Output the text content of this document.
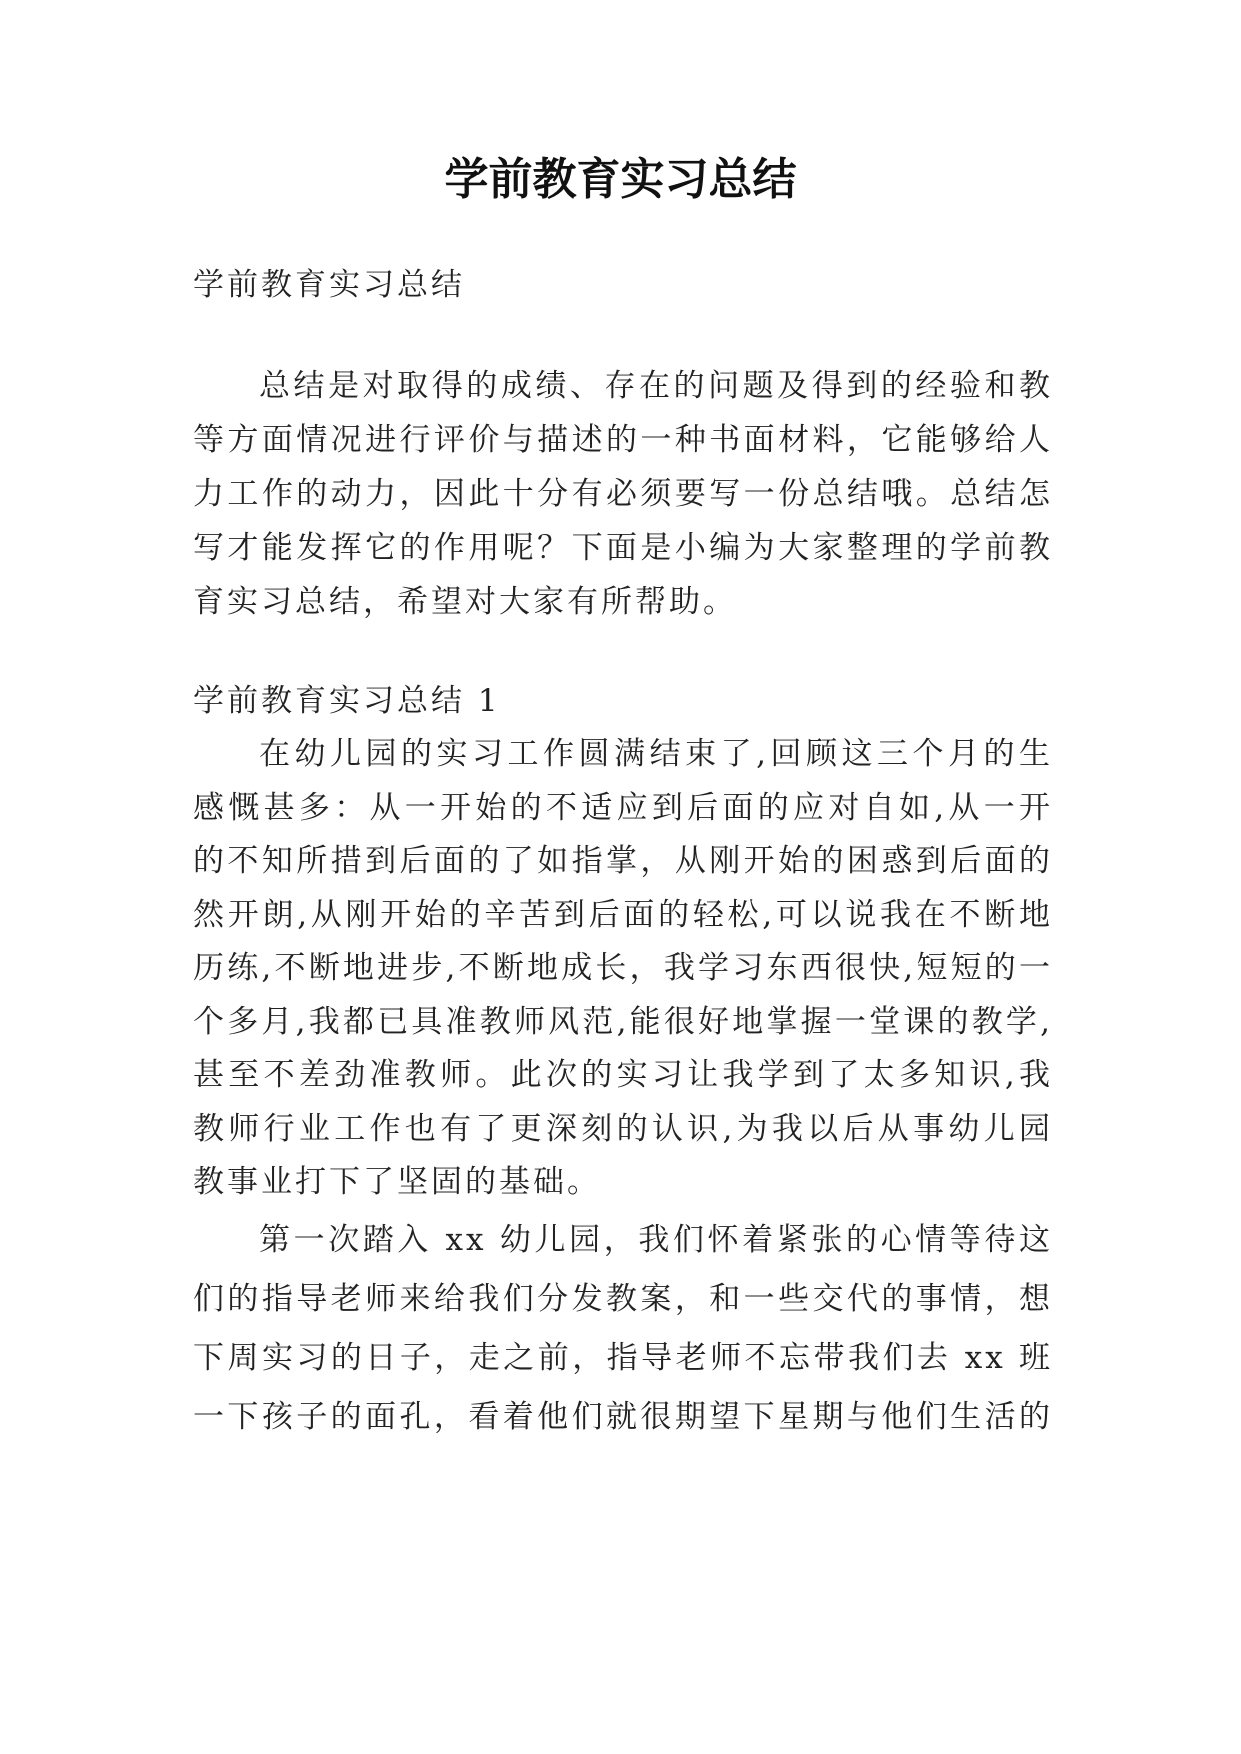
学前教育实习总结
学前教育实习总结
总结是对取得的成绩、存在的问题及得到的经验和教
等方面情况进行评价与描述的一种书面材料，它能够给人
力工作的动力，因此十分有必须要写一份总结哦。总结怎
写才能发挥它的作用呢？下面是小编为大家整理的学前教
育实习总结，希望对大家有所帮助。
学前教育实习总结 1
在幼儿园的实习工作圆满结束了,回顾这三个月的生
感慨甚多：从一开始的不适应到后面的应对自如,从一开
的不知所措到后面的了如指掌，从刚开始的困惑到后面的
然开朗,从刚开始的辛苦到后面的轻松,可以说我在不断地
历练,不断地进步,不断地成长，我学习东西很快,短短的一
个多月,我都已具准教师风范,能很好地掌握一堂课的教学,
甚至不差劲准教师。此次的实习让我学到了太多知识,我
教师行业工作也有了更深刻的认识,为我以后从事幼儿园
教事业打下了坚固的基础。
第一次踏入 xx 幼儿园，我们怀着紧张的心情等待这
们的指导老师来给我们分发教案，和一些交代的事情，想
下周实习的日子，走之前，指导老师不忘带我们去 xx 班
一下孩子的面孔，看着他们就很期望下星期与他们生活的
